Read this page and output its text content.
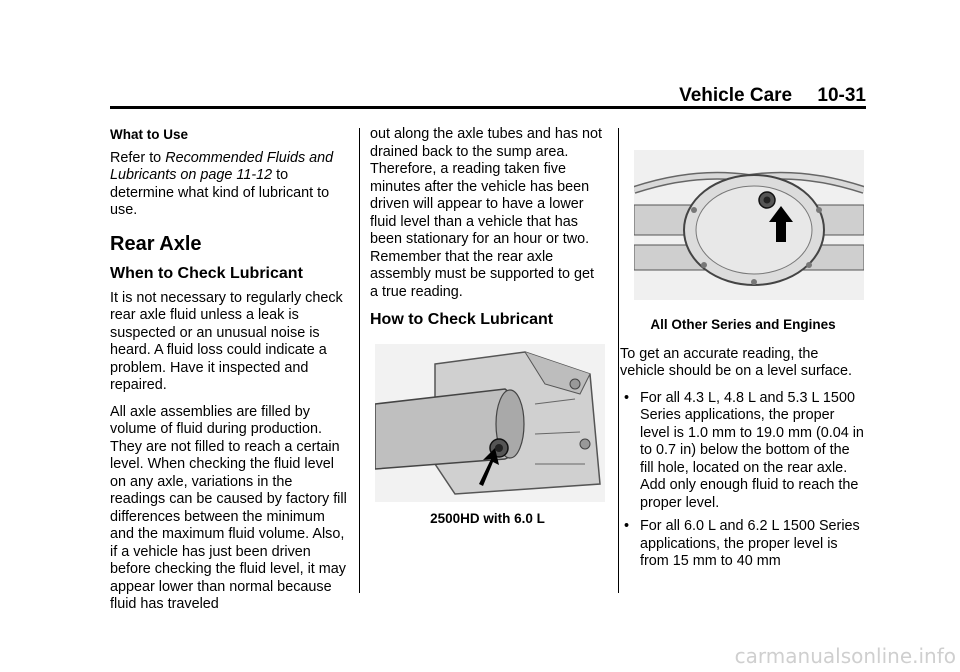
Vehicle Care 10-31

What to Use

Refer to Recommended Fluids and Lubricants on page 11-12 to determine what kind of lubricant to use.

Rear Axle
When to Check Lubricant

It is not necessary to regularly check rear axle fluid unless a leak is suspected or an unusual noise is heard. A fluid loss could indicate a problem. Have it inspected and repaired.

All axle assemblies are filled by volume of fluid during production. They are not filled to reach a certain level. When checking the fluid level on any axle, variations in the readings can be caused by factory fill differences between the minimum and the maximum fluid volume. Also, if a vehicle has just been driven before checking the fluid level, it may appear lower than normal because fluid has traveled

out along the axle tubes and has not drained back to the sump area. Therefore, a reading taken five minutes after the vehicle has been driven will appear to have a lower fluid level than a vehicle that has been stationary for an hour or two. Remember that the rear axle assembly must be supported to get a true reading.

How to Check Lubricant

2500HD with 6.0 L

All Other Series and Engines

To get an accurate reading, the vehicle should be on a level surface.

• For all 4.3 L, 4.8 L and 5.3 L 1500 Series applications, the proper level is 1.0 mm to 19.0 mm (0.04 in to 0.7 in) below the bottom of the fill hole, located on the rear axle. Add only enough fluid to reach the proper level.
• For all 6.0 L and 6.2 L 1500 Series applications, the proper level is from 15 mm to 40 mm
carmanualsonline.info
